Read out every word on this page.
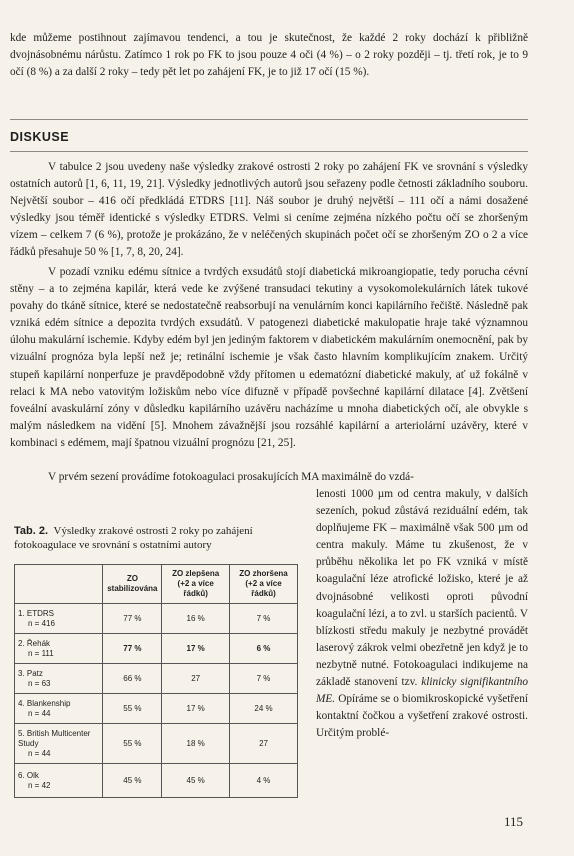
kde můžeme postihnout zajímavou tendenci, a tou je skutečnost, že každé 2 roky dochází k přibližně dvojnásobnému nárůstu. Zatímco 1 rok po FK to jsou pouze 4 oči (4 %) – o 2 roky později – tj. třetí rok, je to 9 očí (8 %) a za další 2 roky – tedy pět let po zahájení FK, je to již 17 očí (15 %).

DISKUSE

V tabulce 2 jsou uvedeny naše výsledky zrakové ostrosti 2 roky po zahájení FK ve srovnání s výsledky ostatních autorů [1, 6, 11, 19, 21]. Výsledky jednotlivých autorů jsou seřazeny podle četnosti základního souboru. Největší soubor – 416 očí předkládá ETDRS [11]. Náš soubor je druhý největší – 111 očí a námi dosažené výsledky jsou téměř identické s výsledky ETDRS. Velmi si ceníme zejména nízkého počtu očí se zhoršeným vízem – celkem 7 (6 %), protože je prokázáno, že v neléčených skupinách počet očí se zhoršeným ZO o 2 a více řádků přesahuje 50 % [1, 7, 8, 20, 24].

V pozadí vzniku edému sítnice a tvrdých exsudátů stojí diabetická mikroangiopatie, tedy porucha cévní stěny – a to zejména kapilár, která vede ke zvýšené transudaci tekutiny a vysokomolekulárních látek tukové povahy do tkáně sítnice, které se nedostatečně reabsorbují na venulárním konci kapilárního řečiště. Následně pak vzniká edém sítnice a depozita tvrdých exsudátů. V patogenezi diabetické makulopatie hraje také významnou úlohu makulární ischemie. Kdyby edém byl jen jediným faktorem v diabetickém makulárním onemocnění, pak by vizuální prognóza byla lepší než je; retinální ischemie je však často hlavním komplikujícím znakem. Určitý stupeň kapilární nonperfuze je pravděpodobně vždy přítomen u edematózní diabetické makuly, ať už fokálně v relaci k MA nebo vatovitým ložiskům nebo více difuzně v případě povšechné kapilární dilatace [4]. Zvětšení foveální avaskulární zóny v důsledku kapilárního uzávěru nacházíme u mnoha diabetických očí, ale obvykle s malým následkem na vidění [5]. Mnohem závažnější jsou rozsáhlé kapilární a arteriolární uzávěry, které v kombinaci s edémem, mají špatnou vizuální prognózu [21, 25].

V prvém sezení provádíme fotokoagulaci prosakujících MA maximálně do vzdá-

lenosti 1000 µm od centra makuly, v dalších sezeních, pokud zůstává reziduální edém, tak doplňujeme FK – maximálně však 500 µm od centra makuly. Máme tu zkušenost, že v průběhu několika let po FK vzniká v místě koagulační léze atrofické ložisko, které je až dvojnásobné velikosti oproti původní koagulační lézi, a to zvl. u starších pacientů. V blízkosti středu makuly je nezbytné provádět laserový zákrok velmi obezřetně jen když je to nezbytně nutné. Fotokoagulaci indikujeme na základě stanovení tzv. klinicky signifikantního ME. Opíráme se o biomikroskopické vyšetření kontaktní čočkou a vyšetření zrakové ostrosti. Určitým problé-

Tab. 2. Výsledky zrakové ostrosti 2 roky po zahájení fotokoagulace ve srovnání s ostatními autory

	ZO stabilizována	ZO zlepšena (+2 a více řádků)	ZO zhoršena (+2 a více řádků)

1. ETDRS
n = 416	77 %	16 %	7 %

2. Řehák
n = 111	77 %	17 %	6 %

3. Patz
n = 63	66 %	27	7 %

4. Blankenship
n = 44	55 %	17 %	24 %

5. British Multicenter Study
n = 44	55 %	18 %	27

6. Olk
n = 42	45 %	45 %	4 %

115
